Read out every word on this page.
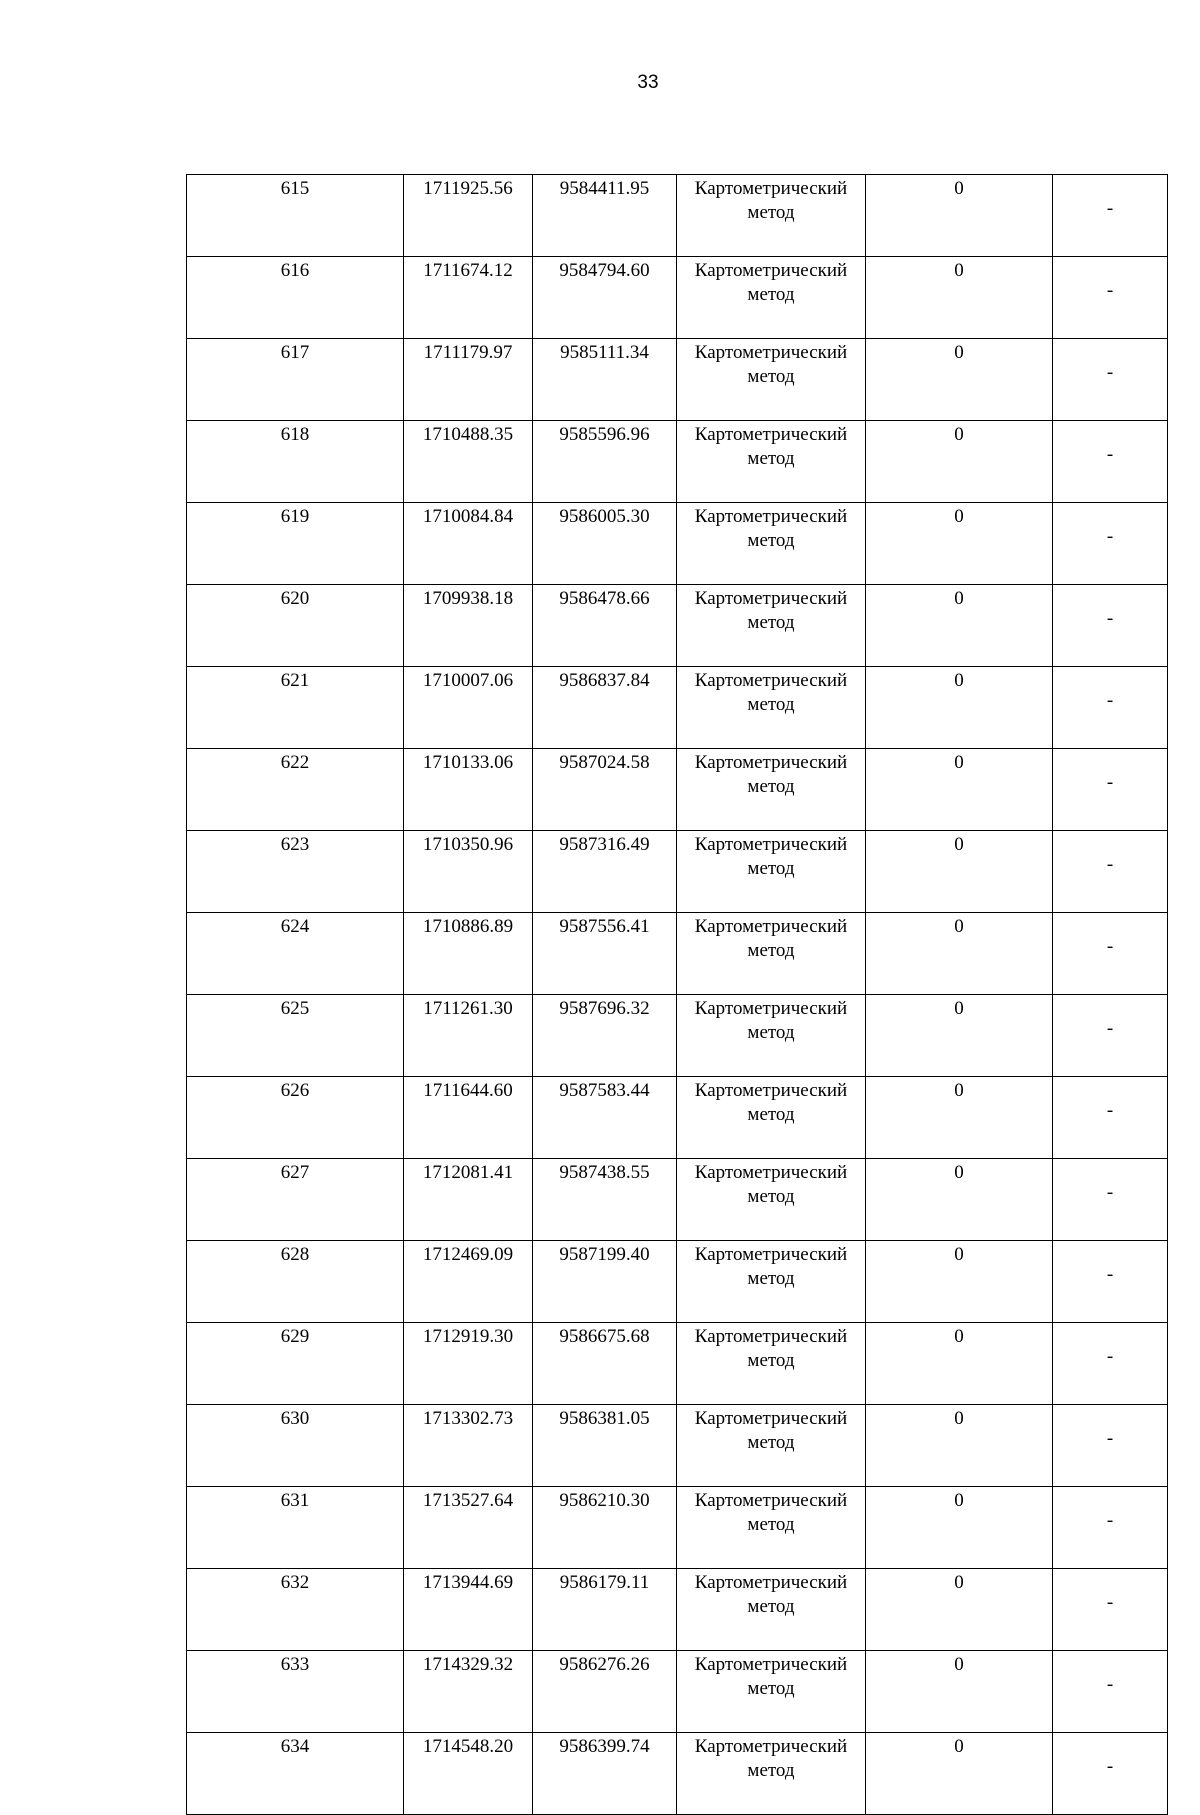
33
615	1711925.56	9584411.95	Картометрический метод	0	-
616	1711674.12	9584794.60	Картометрический метод	0	-
617	1711179.97	9585111.34	Картометрический метод	0	-
618	1710488.35	9585596.96	Картометрический метод	0	-
619	1710084.84	9586005.30	Картометрический метод	0	-
620	1709938.18	9586478.66	Картометрический метод	0	-
621	1710007.06	9586837.84	Картометрический метод	0	-
622	1710133.06	9587024.58	Картометрический метод	0	-
623	1710350.96	9587316.49	Картометрический метод	0	-
624	1710886.89	9587556.41	Картометрический метод	0	-
625	1711261.30	9587696.32	Картометрический метод	0	-
626	1711644.60	9587583.44	Картометрический метод	0	-
627	1712081.41	9587438.55	Картометрический метод	0	-
628	1712469.09	9587199.40	Картометрический метод	0	-
629	1712919.30	9586675.68	Картометрический метод	0	-
630	1713302.73	9586381.05	Картометрический метод	0	-
631	1713527.64	9586210.30	Картометрический метод	0	-
632	1713944.69	9586179.11	Картометрический метод	0	-
633	1714329.32	9586276.26	Картометрический метод	0	-
634	1714548.20	9586399.74	Картометрический метод	0	-
